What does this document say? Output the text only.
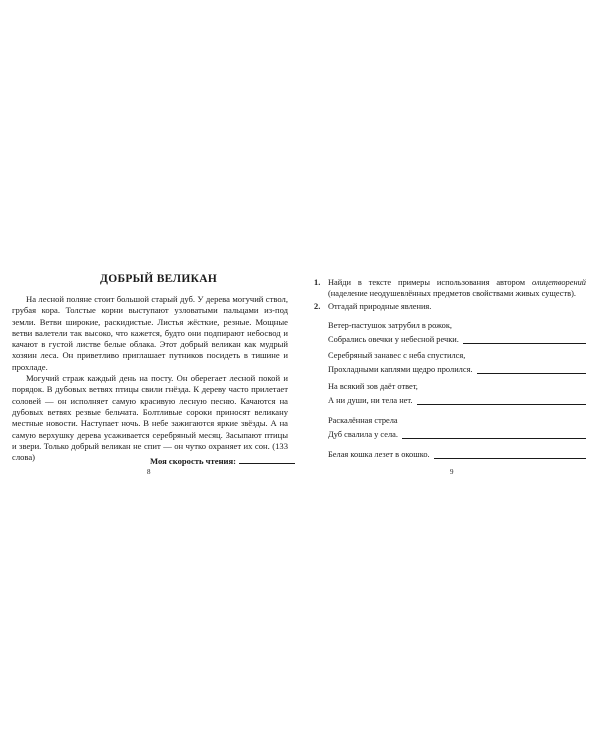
ДОБРЫЙ ВЕЛИКАН

На лесной поляне стоит большой старый дуб. У дерева могучий ствол, грубая кора. Толстые корни выступают узловатыми пальцами из-под земли. Ветви широкие, раскидистые. Листья жёсткие, резные. Мощные ветви валетели так высоко, что кажется, будто они подпирают небосвод и качают в густой листве белые облака. Этот добрый великан как мудрый хозяин леса. Он приветливо приглашает путников посидеть в тишине и прохладе.

Могучий страж каждый день на посту. Он оберегает лесной покой и порядок. В дубовых ветвях птицы свили гнёзда. К дереву часто прилетает соловей — он исполняет самую красивую лесную песню. Качаются на дубовых ветвях резвые бельчата. Болтливые сороки приносят великану местные новости. Наступает ночь. В небе зажигаются яркие звёзды. А на самую верхушку дерева усаживается серебряный месяц. Засыпают птицы и звери. Только добрый великан не спит — он чутко охраняет их сон. (133 слова)	Моя скорость чтения:
8
1. Найди в тексте примеры использования автором олицетворений (наделение неодушевлённых предметов свойствами живых существ).
2. Отгадай природные явления.
Ветер-пастушок затрубил в рожок,
Собрались овечки у небесной речки.
Серебряный занавес с неба спустился,
Прохладными каплями щедро пролился.
На всякий зов даёт ответ,
А ни души, ни тела нет.
Раскалённая стрела
Дуб свалила у села.
Белая кошка лезет в окошко.
9
